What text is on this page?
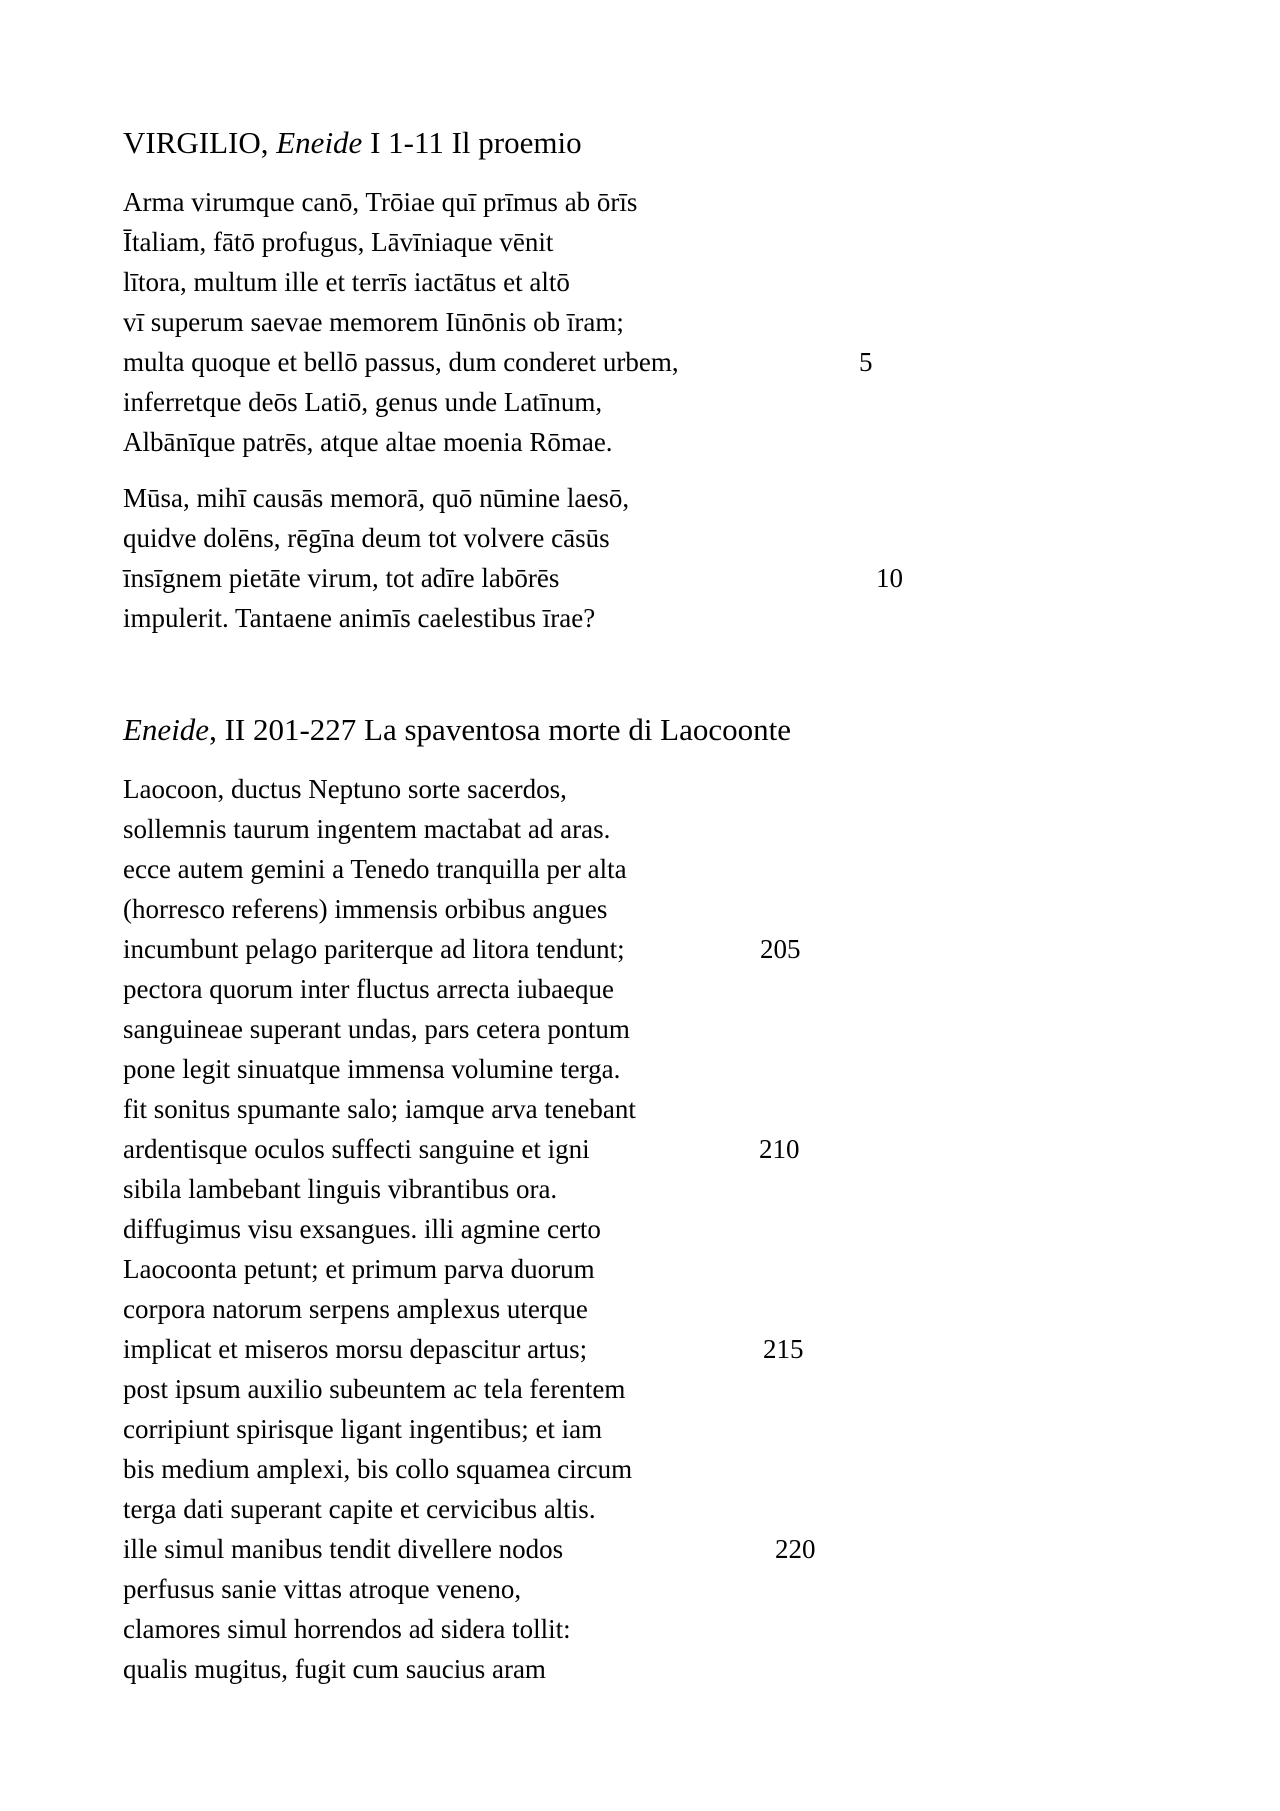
VIRGILIO, Eneide I 1-11 Il proemio
Arma virumque canō, Trōiae quī prīmus ab ōrīs
Ītaliam, fātō profugus, Lāvīniaque vēnit
lītora, multum ille et terrīs iactātus et altō
vī superum saevae memorem Iūnōnis ob īram;
multa quoque et bellō passus, dum conderet urbem,
inferretque deōs Latiō, genus unde Latīnum,
Albānīque patrēs, atque altae moenia Rōmae.
5
Mūsa, mihī causās memorā, quō nūmine laesō,
quidve dolēns, rēgīna deum tot volvere cāsūs
īnsīgnem pietāte virum, tot adīre labōrēs
impulerit. Tantaene animīs caelestibus īrae?
10
Eneide, II 201-227 La spaventosa morte di Laocoonte
Laocoon, ductus Neptuno sorte sacerdos,
sollemnis taurum ingentem mactabat ad aras.
ecce autem gemini a Tenedo tranquilla per alta
(horresco referens) immensis orbibus angues
incumbunt pelago pariterque ad litora tendunt;
pectora quorum inter fluctus arrecta iubaeque
sanguineae superant undas, pars cetera pontum
pone legit sinuatque immensa volumine terga.
fit sonitus spumante salo; iamque arva tenebant
ardentisque oculos suffecti sanguine et igni
sibila lambebant linguis vibrantibus ora.
diffugimus visu exsangues. illi agmine certo
Laocoonta petunt; et primum parva duorum
corpora natorum serpens amplexus uterque
implicat et miseros morsu depascitur artus;
post ipsum auxilio subeuntem ac tela ferentem
corripiunt spirisque ligant ingentibus; et iam
bis medium amplexi, bis collo squamea circum
terga dati superant capite et cervicibus altis.
ille simul manibus tendit divellere nodos
perfusus sanie vittas atroque veneno,
clamores simul horrendos ad sidera tollit:
qualis mugitus, fugit cum saucius aram
205
210
215
220
